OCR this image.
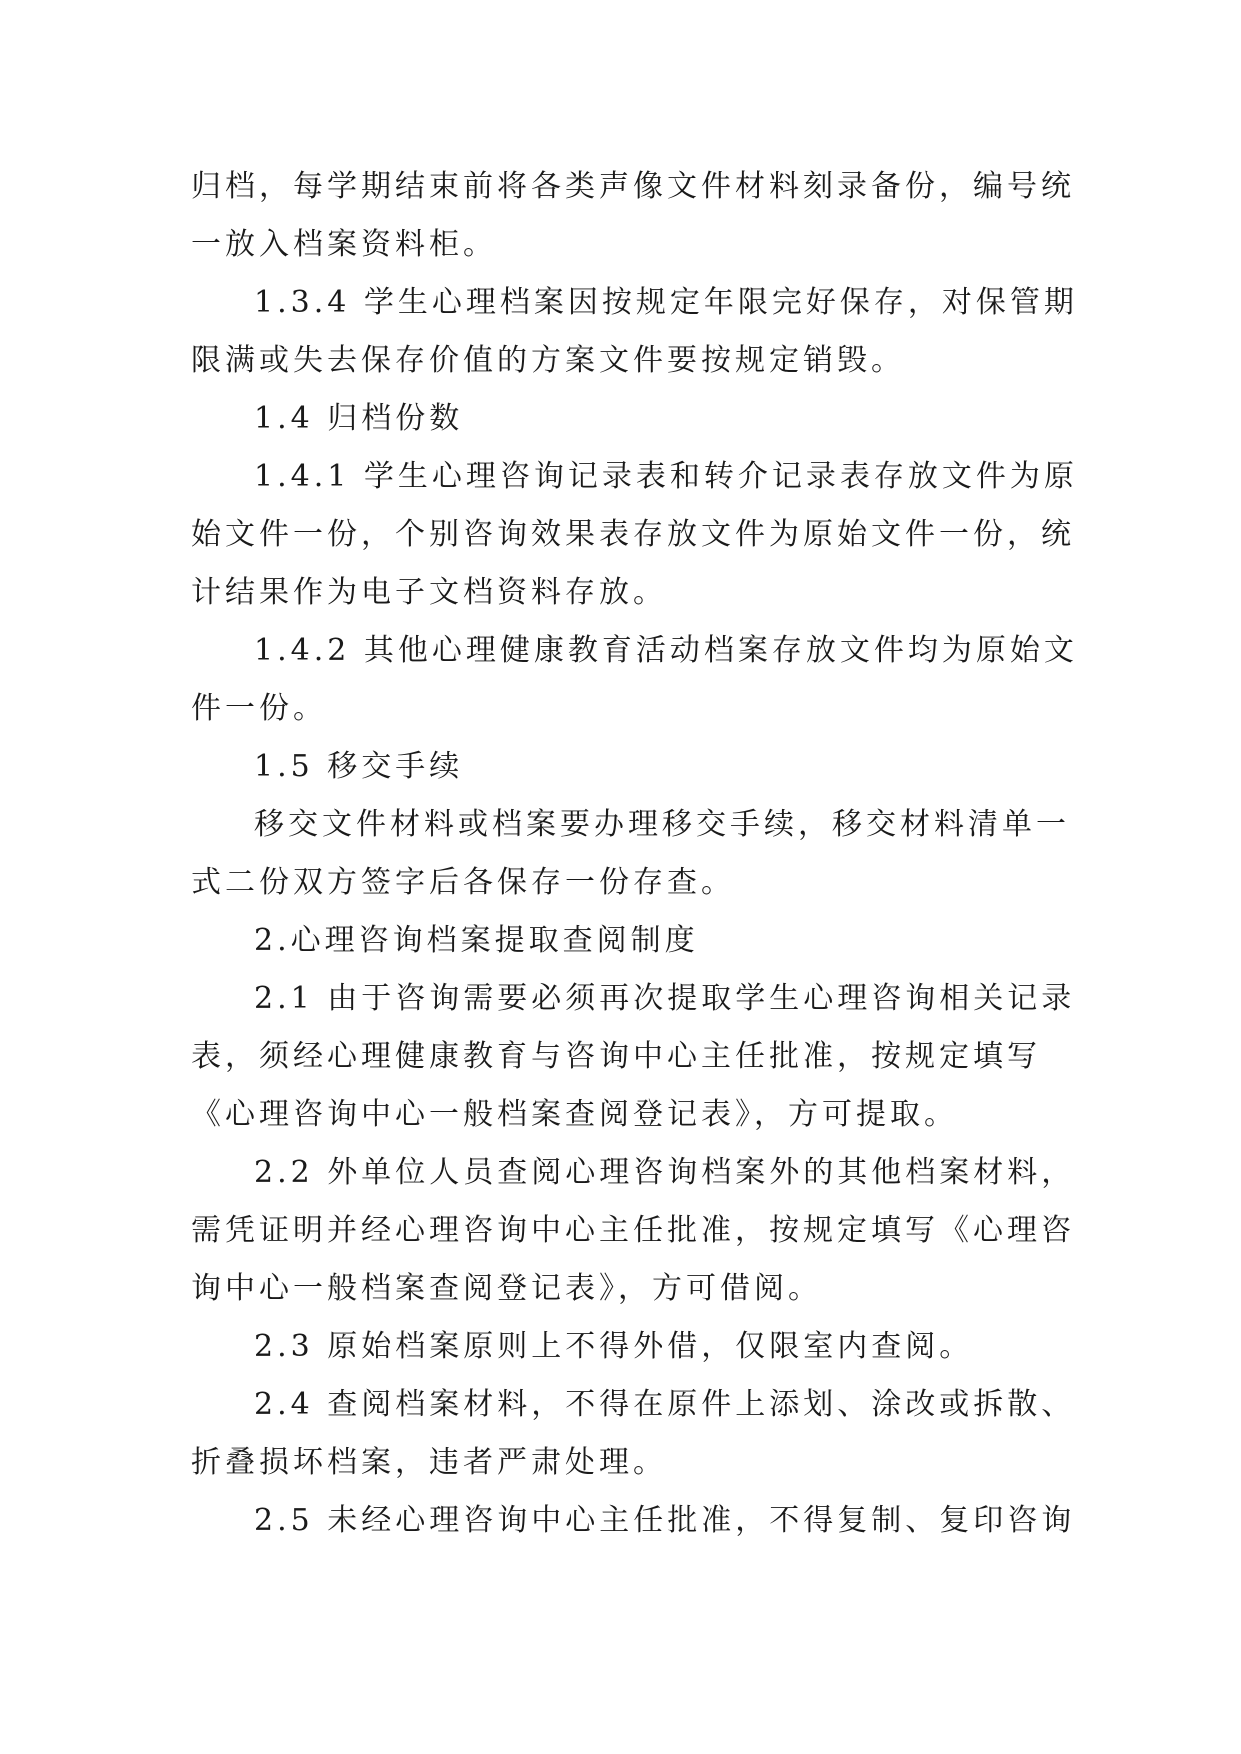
归档，每学期结束前将各类声像文件材料刻录备份，编号统
一放入档案资料柜。
1.3.4 学生心理档案因按规定年限完好保存，对保管期
限满或失去保存价值的方案文件要按规定销毁。
1.4 归档份数
1.4.1 学生心理咨询记录表和转介记录表存放文件为原
始文件一份，个别咨询效果表存放文件为原始文件一份，统
计结果作为电子文档资料存放。
1.4.2 其他心理健康教育活动档案存放文件均为原始文
件一份。
1.5 移交手续
移交文件材料或档案要办理移交手续，移交材料清单一
式二份双方签字后各保存一份存查。
2.心理咨询档案提取查阅制度
2.1 由于咨询需要必须再次提取学生心理咨询相关记录
表，须经心理健康教育与咨询中心主任批准，按规定填写
《心理咨询中心一般档案查阅登记表》，方可提取。
2.2 外单位人员查阅心理咨询档案外的其他档案材料，
需凭证明并经心理咨询中心主任批准，按规定填写《心理咨
询中心一般档案查阅登记表》，方可借阅。
2.3 原始档案原则上不得外借，仅限室内查阅。
2.4 查阅档案材料，不得在原件上添划、涂改或拆散、
折叠损坏档案，违者严肃处理。
2.5 未经心理咨询中心主任批准，不得复制、复印咨询
